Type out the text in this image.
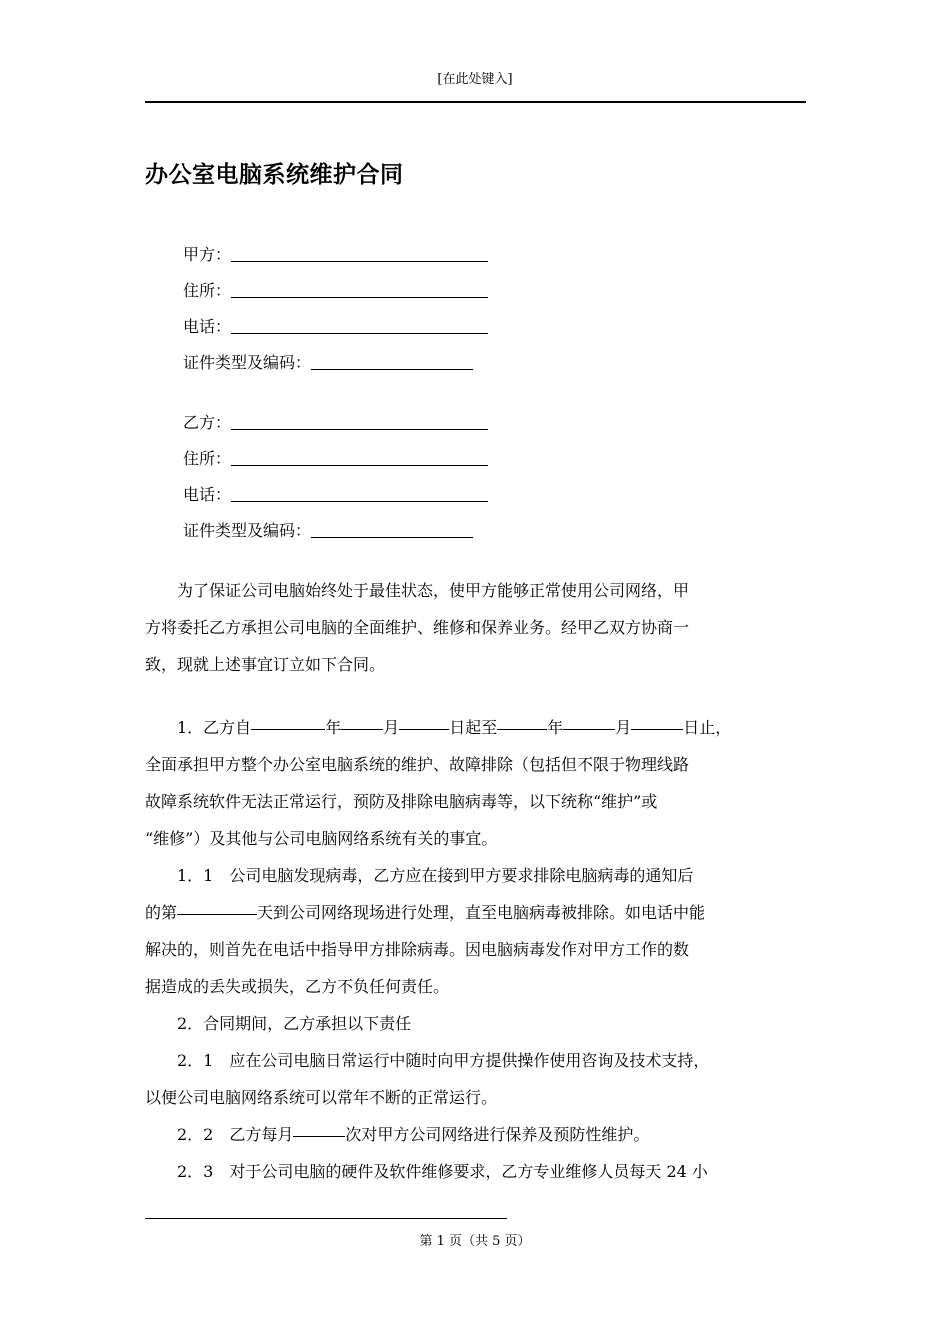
[在此处键入]
办公室电脑系统维护合同
甲方：
住所：
电话：
证件类型及编码：
乙方：
住所：
电话：
证件类型及编码：
为了保证公司电脑始终处于最佳状态，使甲方能够正常使用公司网络，甲
方将委托乙方承担公司电脑的全面维护、维修和保养业务。经甲乙双方协商一
致，现就上述事宜订立如下合同。
1．乙方自	年	月	日起至	年	月	日止，
全面承担甲方整个办公室电脑系统的维护、故障排除（包括但不限于物理线路
故障系统软件无法正常运行，预防及排除电脑病毒等，以下统称“维护”或
“维修”）及其他与公司电脑网络系统有关的事宜。
1．1　公司电脑发现病毒，乙方应在接到甲方要求排除电脑病毒的通知后
的第	天到公司网络现场进行处理，直至电脑病毒被排除。如电话中能
解决的，则首先在电话中指导甲方排除病毒。因电脑病毒发作对甲方工作的数
据造成的丢失或损失，乙方不负任何责任。
2．合同期间，乙方承担以下责任
2．1　应在公司电脑日常运行中随时向甲方提供操作使用咨询及技术支持，
以便公司电脑网络系统可以常年不断的正常运行。
2．2　乙方每月	次对甲方公司网络进行保养及预防性维护。
2．3　对于公司电脑的硬件及软件维修要求，乙方专业维修人员每天 24 小
第 1 页（共 5 页）
